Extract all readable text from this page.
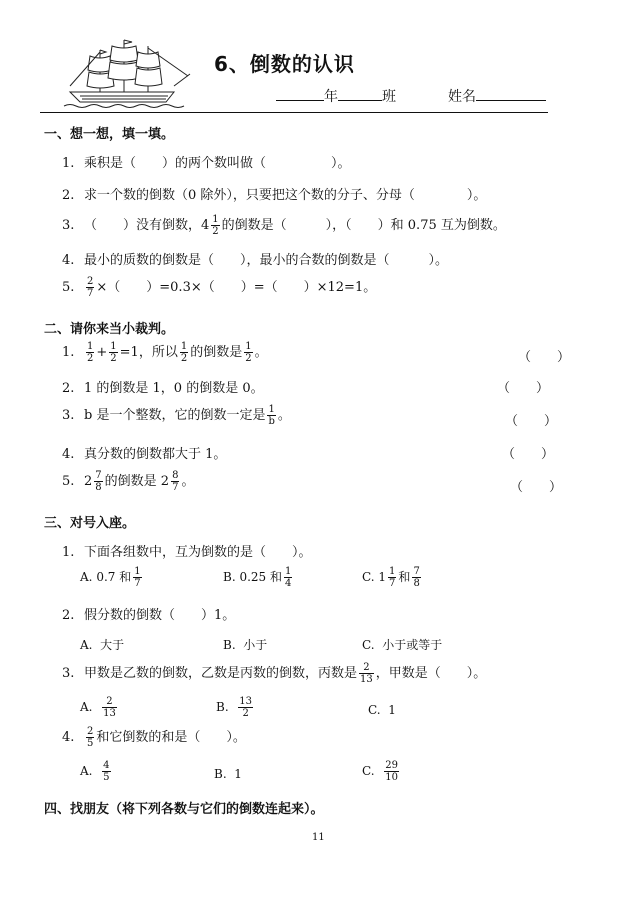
6、倒数的认识
年	班	姓名
一、想一想，填一填。
1. 乘积是（　　）的两个数叫做（　　　　　）。
2. 求一个数的倒数（0 除外），只要把这个数的分子、分母（　　　　）。
3. （　　）没有倒数，$4 \frac{1}{2}$ 的倒数是（　　　），（　　）和 0.75 互为倒数。
4. 最小的质数的倒数是（　　），最小的合数的倒数是（　　　）。
5. $\frac{2}{7}$ ×（　　）=0.3×（　　）=（　　）×12=1。
二、请你来当小裁判。
1. $\frac{1}{2} + \frac{1}{2} =1$，所以 $\frac{1}{2}$ 的倒数是 $\frac{1}{2}$ 。	（　　）
2. 1 的倒数是 1，0 的倒数是 0。	（　　）
3. b 是一个整数，它的倒数一定是 $\frac{1}{b}$ 。	（　　）
4. 真分数的倒数都大于 1。	（　　）
5. $2 \frac{7}{8}$ 的倒数是 $2 \frac{8}{7}$ 。	（　　）
三、对号入座。
1. 下面各组数中，互为倒数的是（　　）。
A. 0.7 和 $\frac{1}{7}$	B. 0.25 和 $\frac{1}{4}$	C. $1 \frac{1}{7}$ 和 $\frac{7}{8}$
2. 假分数的倒数（　　）1。
A. 大于	B. 小于	C. 小于或等于
3. 甲数是乙数的倒数，乙数是丙数的倒数，丙数是 $\frac{2}{13}$ ，甲数是（　　）。
A. $\frac{2}{13}$	B. $\frac{13}{2}$	C. 1
4. $\frac{2}{5}$ 和它倒数的和是（　　）。
A. $\frac{4}{5}$	B. 1	C. $\frac{29}{10}$
四、找朋友（将下列各数与它们的倒数连起来）。
11
